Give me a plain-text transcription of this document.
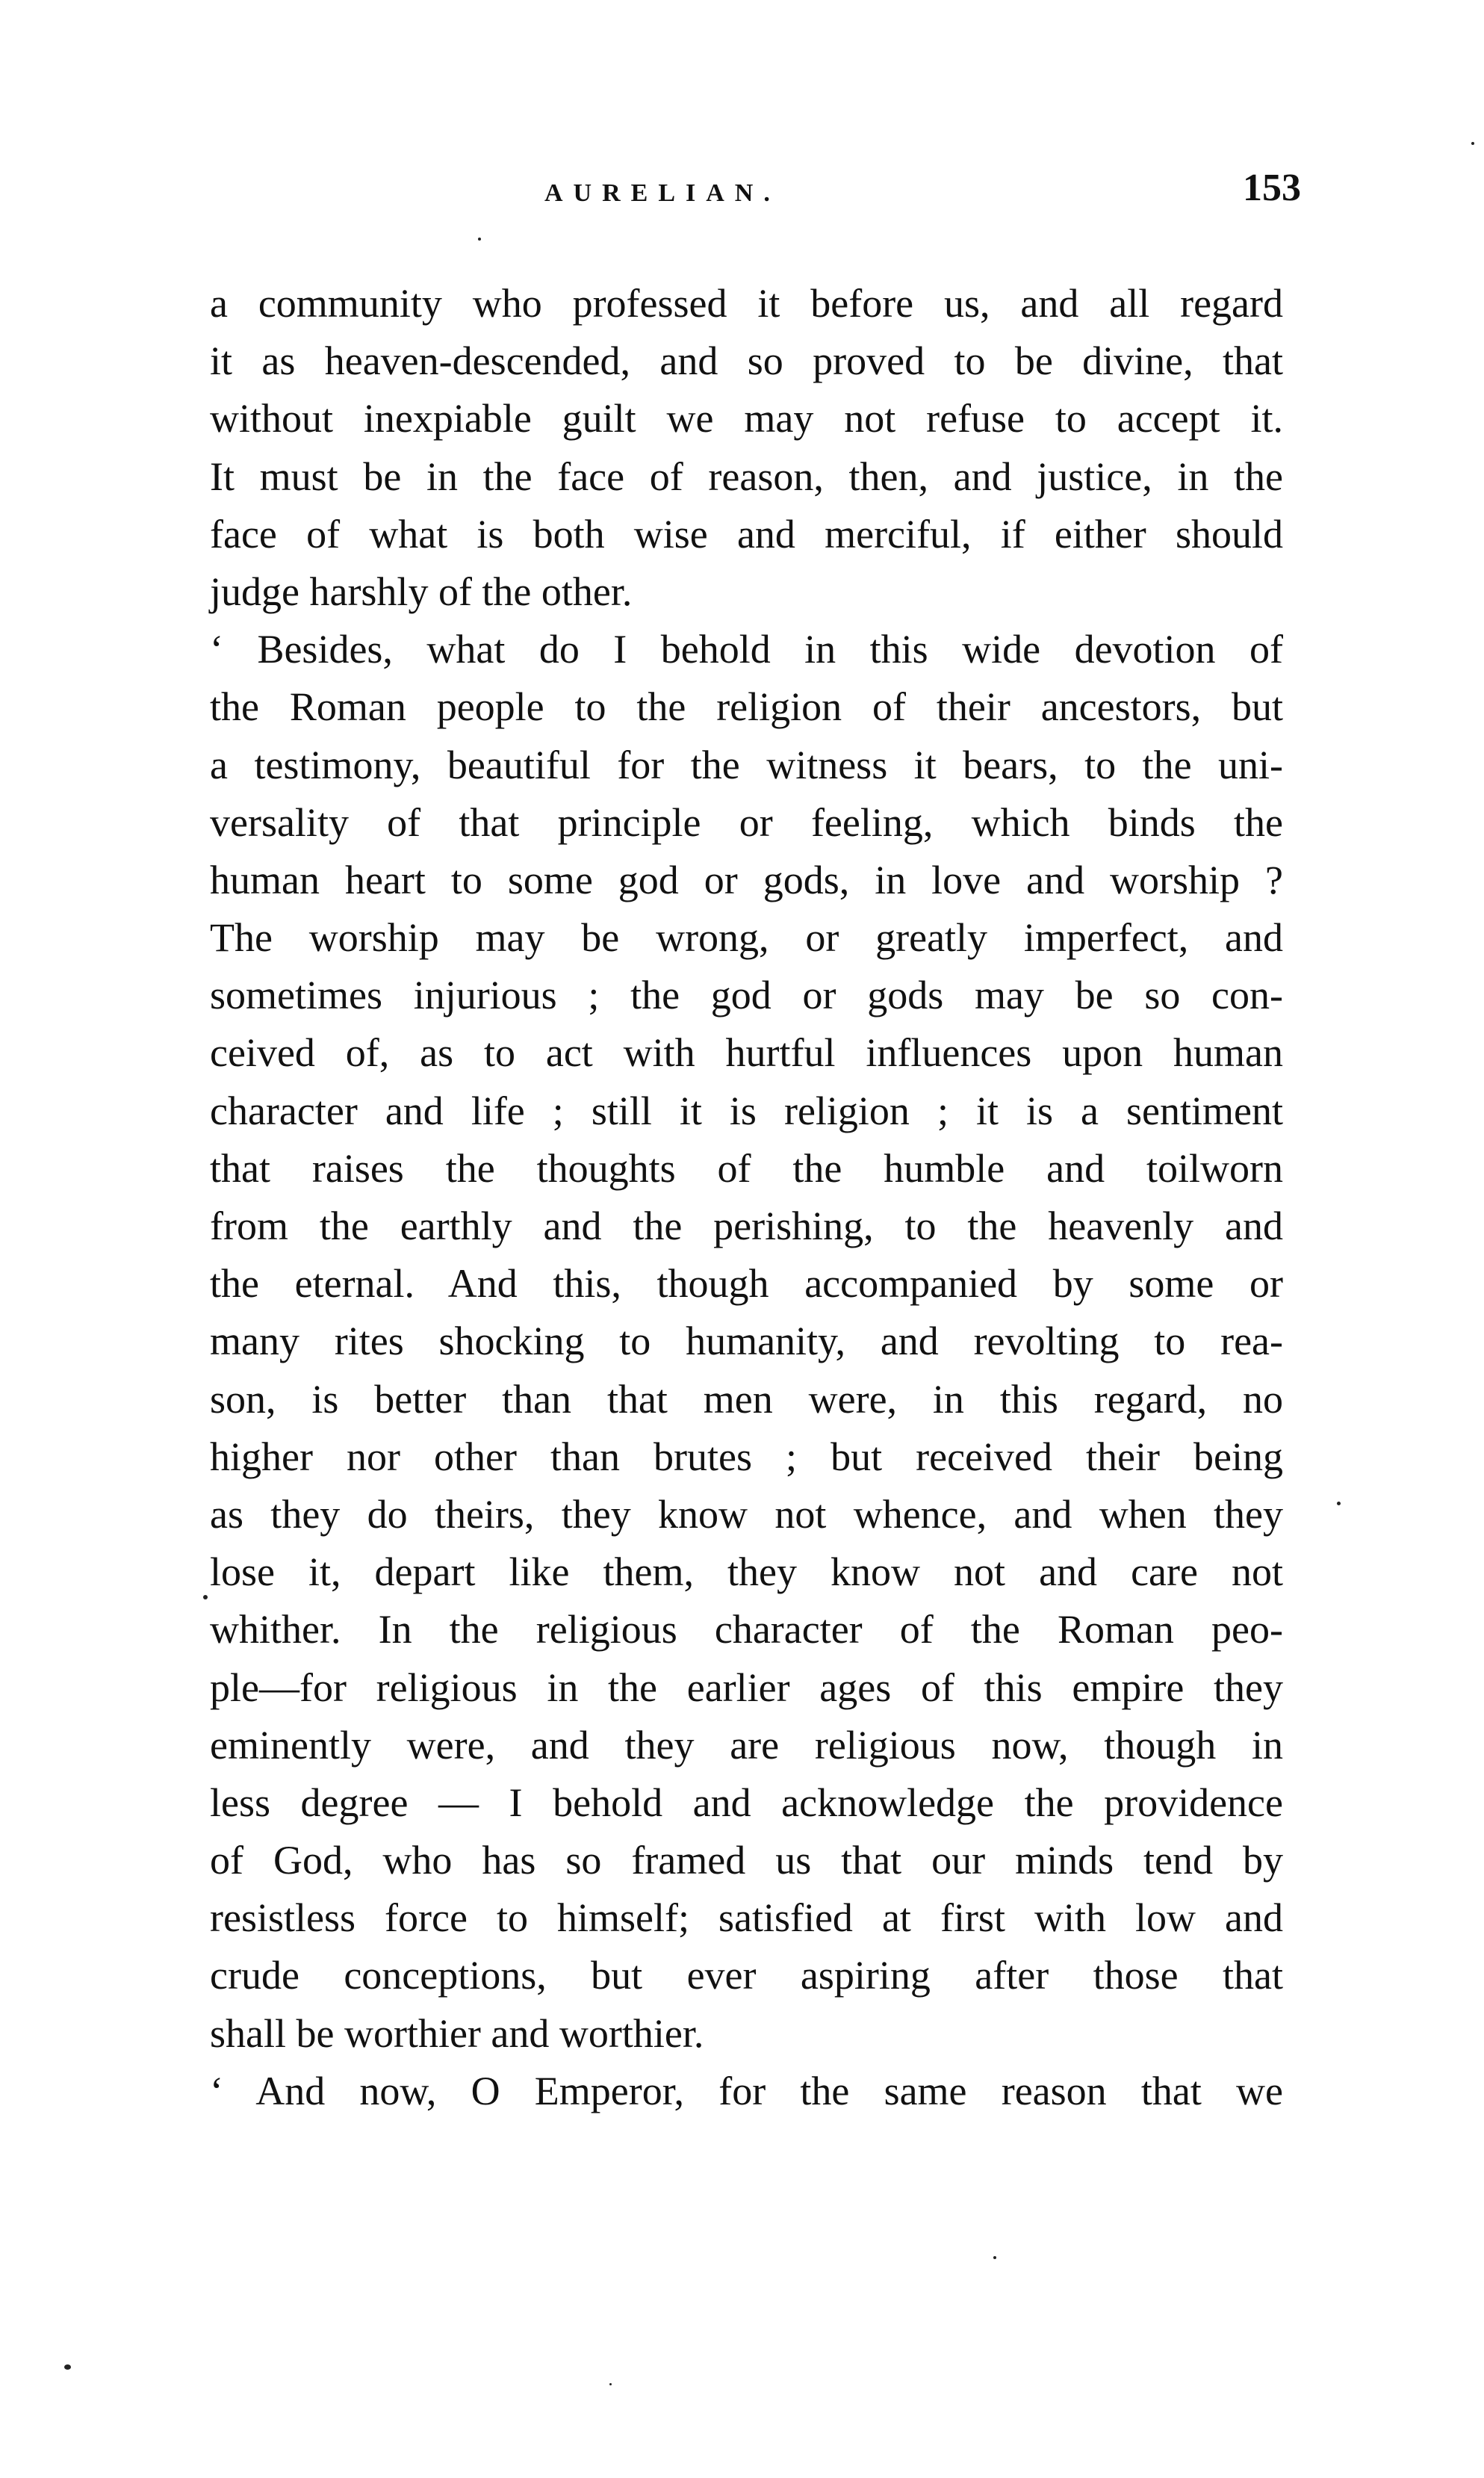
AURELIAN.	153
a community who professed it before us, and all regard
it as heaven-descended, and so proved to be divine, that
without inexpiable guilt we may not refuse to accept it.
It must be in the face of reason, then, and justice, in the
face of what is both wise and merciful, if either should
judge harshly of the other.
‘ Besides, what do I behold in this wide devotion of
the Roman people to the religion of their ancestors, but
a testimony, beautiful for the witness it bears, to the uni-
versality of that principle or feeling, which binds the
human heart to some god or gods, in love and worship ?
The worship may be wrong, or greatly imperfect, and
sometimes injurious ; the god or gods may be so con-
ceived of, as to act with hurtful influences upon human
character and life ; still it is religion ; it is a sentiment
that raises the thoughts of the humble and toilworn
from the earthly and the perishing, to the heavenly and
the eternal. And this, though accompanied by some or
many rites shocking to humanity, and revolting to rea-
son, is better than that men were, in this regard, no
higher nor other than brutes ; but received their being
as they do theirs, they know not whence, and when they
lose it, depart like them, they know not and care not
whither. In the religious character of the Roman peo-
ple—for religious in the earlier ages of this empire they
eminently were, and they are religious now, though in
less degree — I behold and acknowledge the providence
of God, who has so framed us that our minds tend by
resistless force to himself; satisfied at first with low and
crude conceptions, but ever aspiring after those that
shall be worthier and worthier.
‘ And now, O Emperor, for the same reason that we
